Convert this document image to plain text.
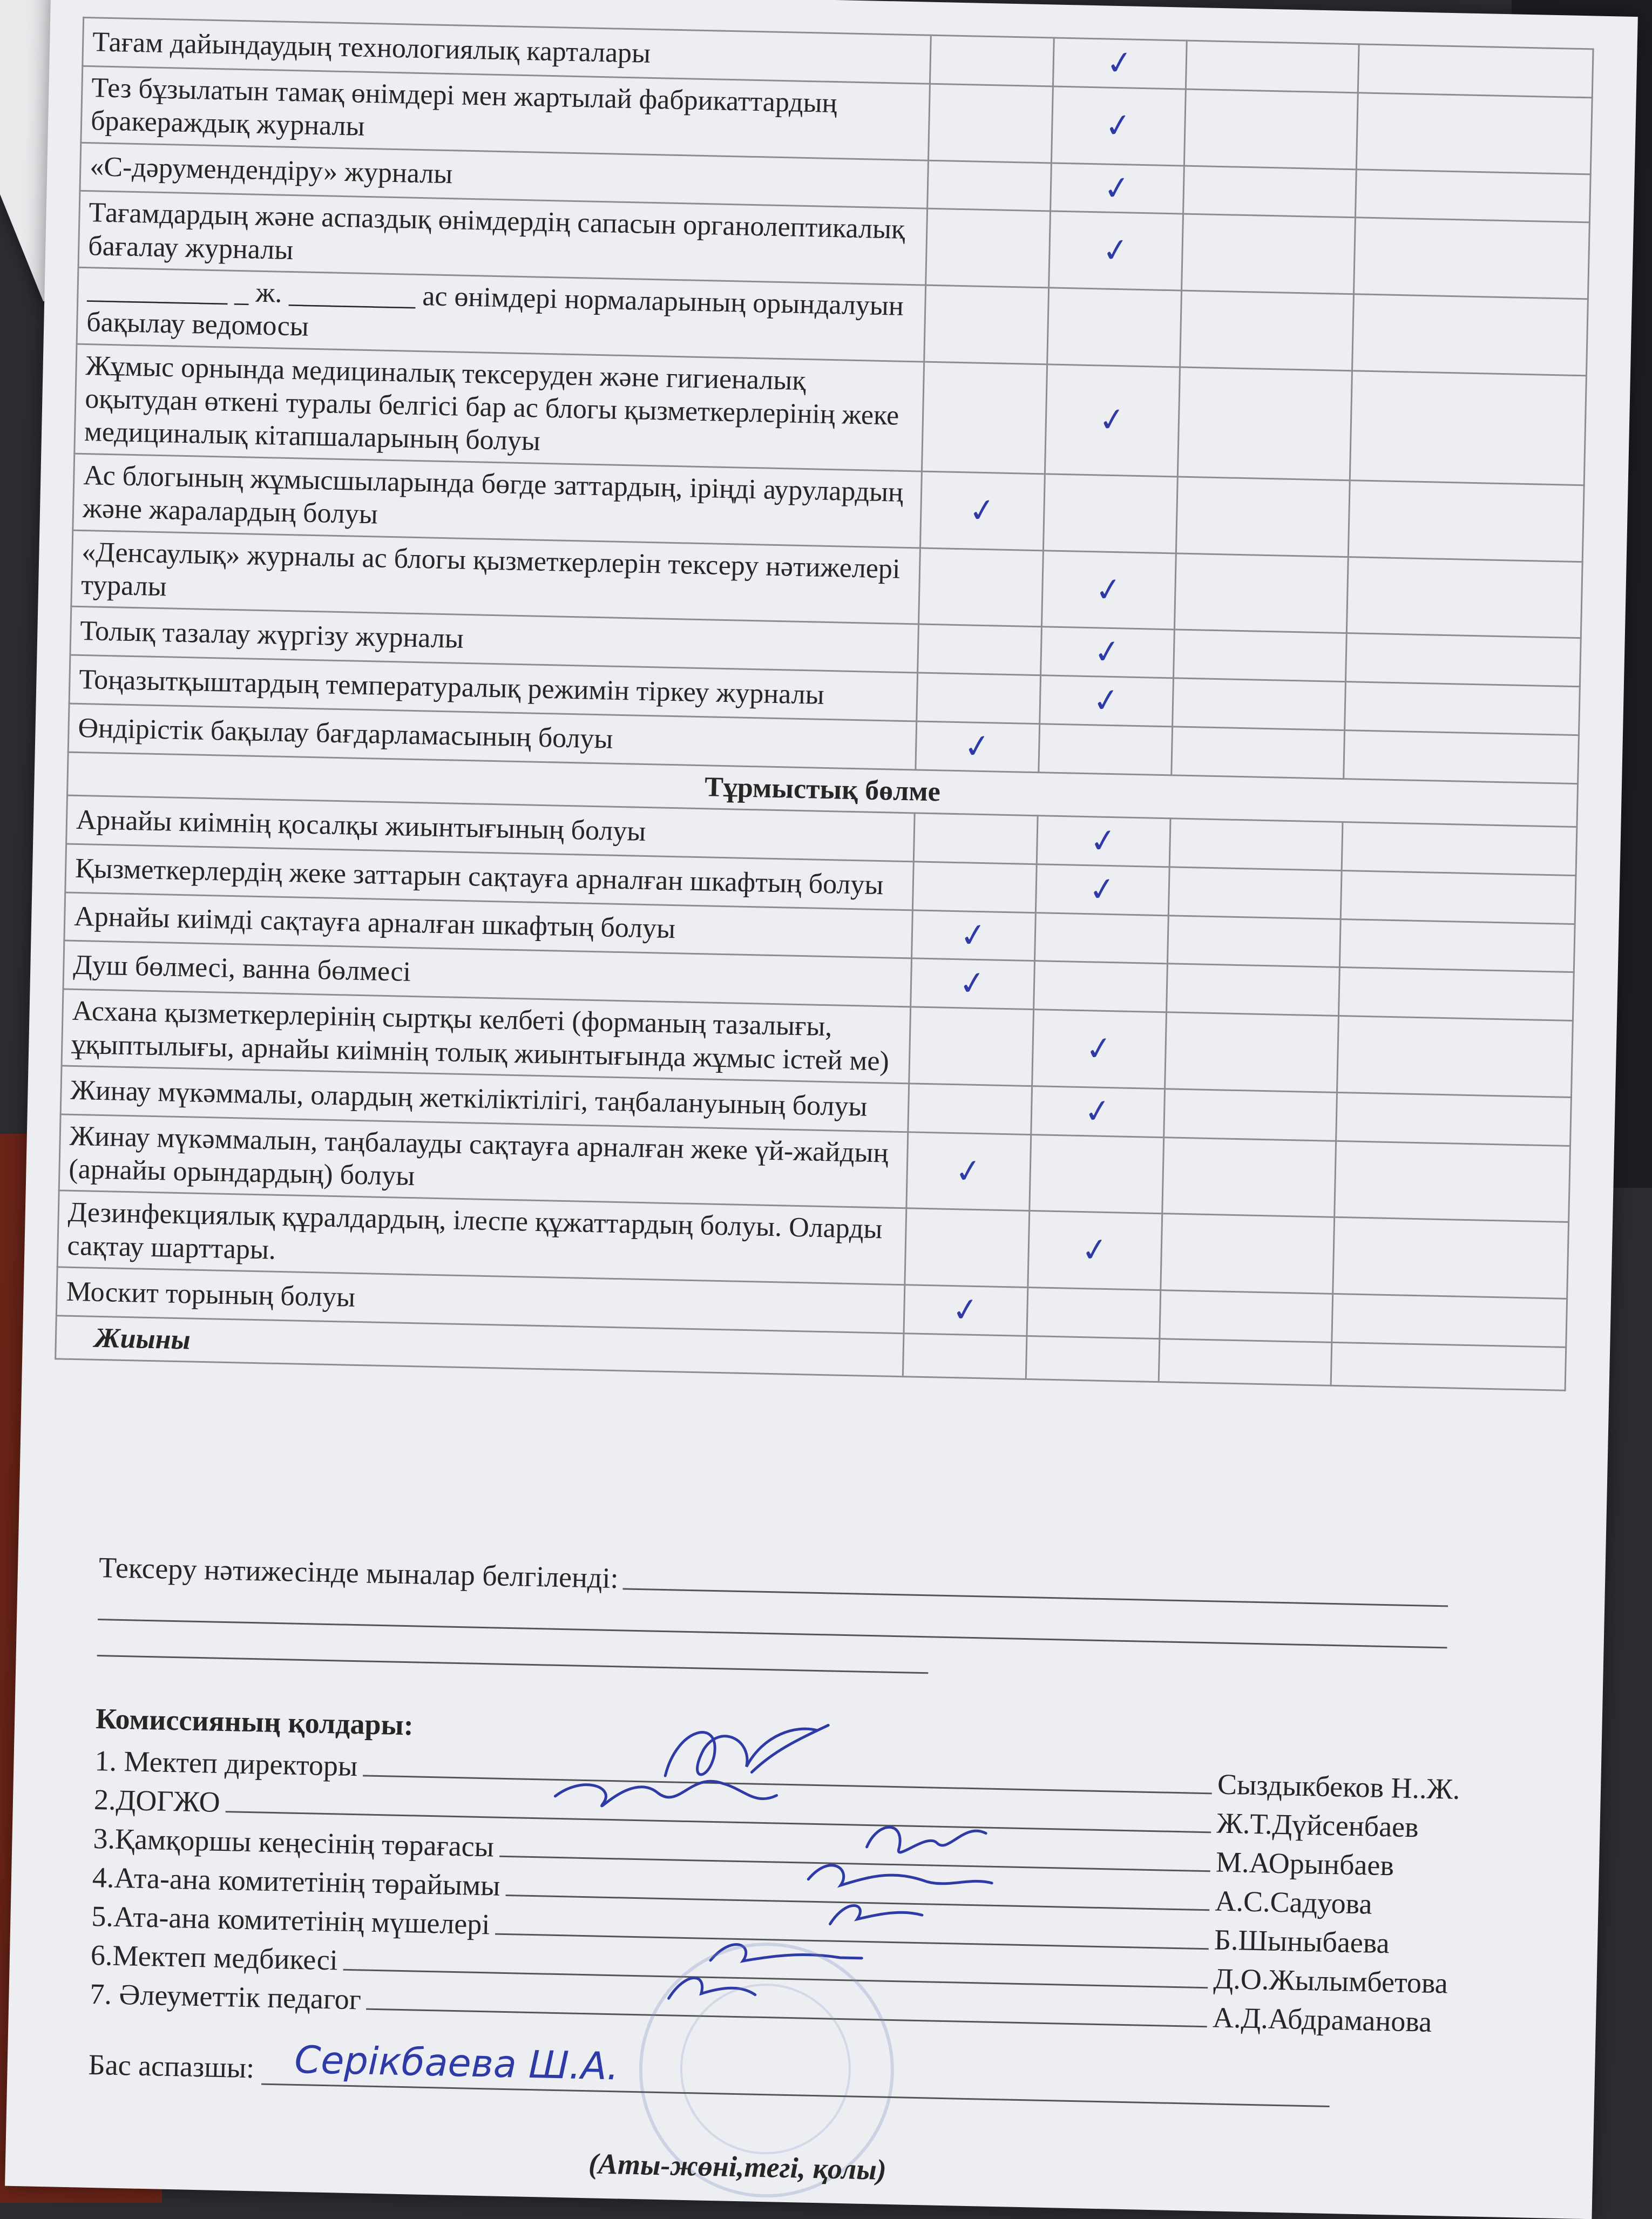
Тағам дайындаудың технологиялық карталары		✓		
Тез бұзылатын тамақ өнімдері мен жартылай фабрикаттардың бракераждық журналы		✓		
«С-дәрумендендіру» журналы		✓		
Тағамдардың және аспаздық өнімдердің сапасын органолептикалық бағалау журналы		✓		
__________ _ ж. _________ ас өнімдері нормаларының орындалуын бақылау ведомосы				
Жұмыс орнында медициналық тексеруден және гигиеналық оқытудан өткені туралы белгісі бар ас блогы қызметкерлерінің жеке медициналық кітапшаларының болуы		✓		
Ас блогының жұмысшыларында бөгде заттардың, іріңді аурулардың және жаралардың болуы	✓			
«Денсаулық» журналы ас блогы қызметкерлерін тексеру нәтижелері туралы		✓		
Толық тазалау жүргізу журналы		✓		
Тоңазытқыштардың температуралық режимін тіркеу журналы		✓		
Өндірістік бақылау бағдарламасының болуы	✓			
Тұрмыстық бөлме				
Арнайы киімнің қосалқы жиынтығының болуы		✓		
Қызметкерлердің жеке заттарын сақтауға арналған шкафтың болуы		✓		
Арнайы киімді сақтауға арналған шкафтың болуы	✓			
Душ бөлмесі, ванна бөлмесі	✓			
Асхана қызметкерлерінің сыртқы келбеті (форманың тазалығы, ұқыптылығы, арнайы киімнің толық жиынтығында жұмыс істей ме)		✓		
Жинау мүкәммалы, олардың жеткіліктілігі, таңбалануының болуы		✓		
Жинау мүкәммалын, таңбалауды сақтауға арналған жеке үй-жайдың (арнайы орындардың) болуы	✓			
Дезинфекциялық құралдардың, ілеспе құжаттардың болуы. Оларды сақтау шарттары.		✓		
Москит торының болуы	✓			
Жиыны				
Тексеру нәтижесінде мыналар белгіленді:
Комиссияның қолдары:
1. Мектеп директоры
Сыздыкбеков Н..Ж.
2.ДОГЖО
Ж.Т.Дүйсенбаев
3.Қамқоршы кеңесінің төрағасы
М.АОрынбаев
4.Ата-ана комитетінің төрайымы
А.С.Садуова
5.Ата-ана комитетінің мүшелері
Б.Шыныбаева
6.Мектеп медбикесі
Д.О.Жылымбетова
7. Әлеуметтік педагог
А.Д.Абдраманова
Бас аспазшы: Серікбаева Ш.А.
(Аты-жөні,тегі, қолы)
